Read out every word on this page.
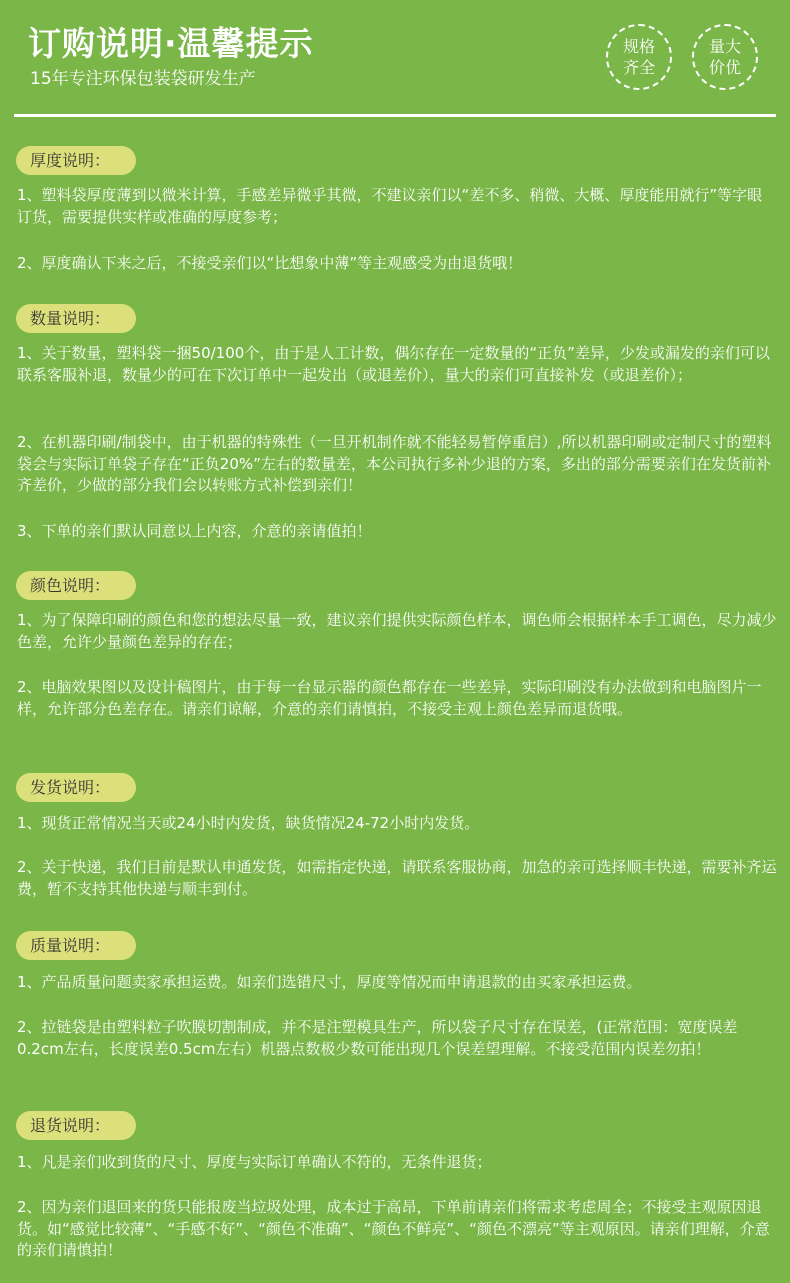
订购说明·温馨提示
15年专注环保包装袋研发生产
规格
齐全
量大
价优
厚度说明：

1、塑料袋厚度薄到以微米计算，手感差异微乎其微，不建议亲们以“差不多、稍微、大概、厚度能用就行”等字眼订货，需要提供实样或准确的厚度参考；

2、厚度确认下来之后，不接受亲们以“比想象中薄”等主观感受为由退货哦！

数量说明：

1、关于数量，塑料袋一捆50/100个，由于是人工计数，偶尔存在一定数量的“正负”差异，少发或漏发的亲们可以联系客服补退，数量少的可在下次订单中一起发出（或退差价），量大的亲们可直接补发（或退差价）；

2、在机器印刷/制袋中，由于机器的特殊性（一旦开机制作就不能轻易暂停重启）,所以机器印刷或定制尺寸的塑料袋会与实际订单袋子存在“正负20%”左右的数量差，本公司执行多补少退的方案，多出的部分需要亲们在发货前补齐差价，少做的部分我们会以转账方式补偿到亲们！

3、下单的亲们默认同意以上内容，介意的亲请值拍！

颜色说明：

1、为了保障印刷的颜色和您的想法尽量一致，建议亲们提供实际颜色样本，调色师会根据样本手工调色，尽力减少色差，允许少量颜色差异的存在；

2、电脑效果图以及设计稿图片，由于每一台显示器的颜色都存在一些差异，实际印刷没有办法做到和电脑图片一样，允许部分色差存在。请亲们谅解，介意的亲们请慎拍，不接受主观上颜色差异而退货哦。

发货说明：

1、现货正常情况当天或24小时内发货，缺货情况24-72小时内发货。

2、关于快递，我们目前是默认申通发货，如需指定快递，请联系客服协商，加急的亲可选择顺丰快递，需要补齐运费，暂不支持其他快递与顺丰到付。

质量说明：

1、产品质量问题卖家承担运费。如亲们选错尺寸，厚度等情况而申请退款的由买家承担运费。

2、拉链袋是由塑料粒子吹膜切割制成，并不是注塑模具生产，所以袋子尺寸存在误差，(正常范围：宽度误差0.2cm左右，长度误差0.5cm左右）机器点数极少数可能出现几个误差望理解。不接受范围内误差勿拍！

退货说明：

1、凡是亲们收到货的尺寸、厚度与实际订单确认不符的，无条件退货；

2、因为亲们退回来的货只能报废当垃圾处理，成本过于高昂，下单前请亲们将需求考虑周全；不接受主观原因退货。如“感觉比较薄”、“手感不好”、“颜色不准确”、“颜色不鲜亮”、“颜色不漂亮”等主观原因。请亲们理解，介意的亲们请慎拍！
